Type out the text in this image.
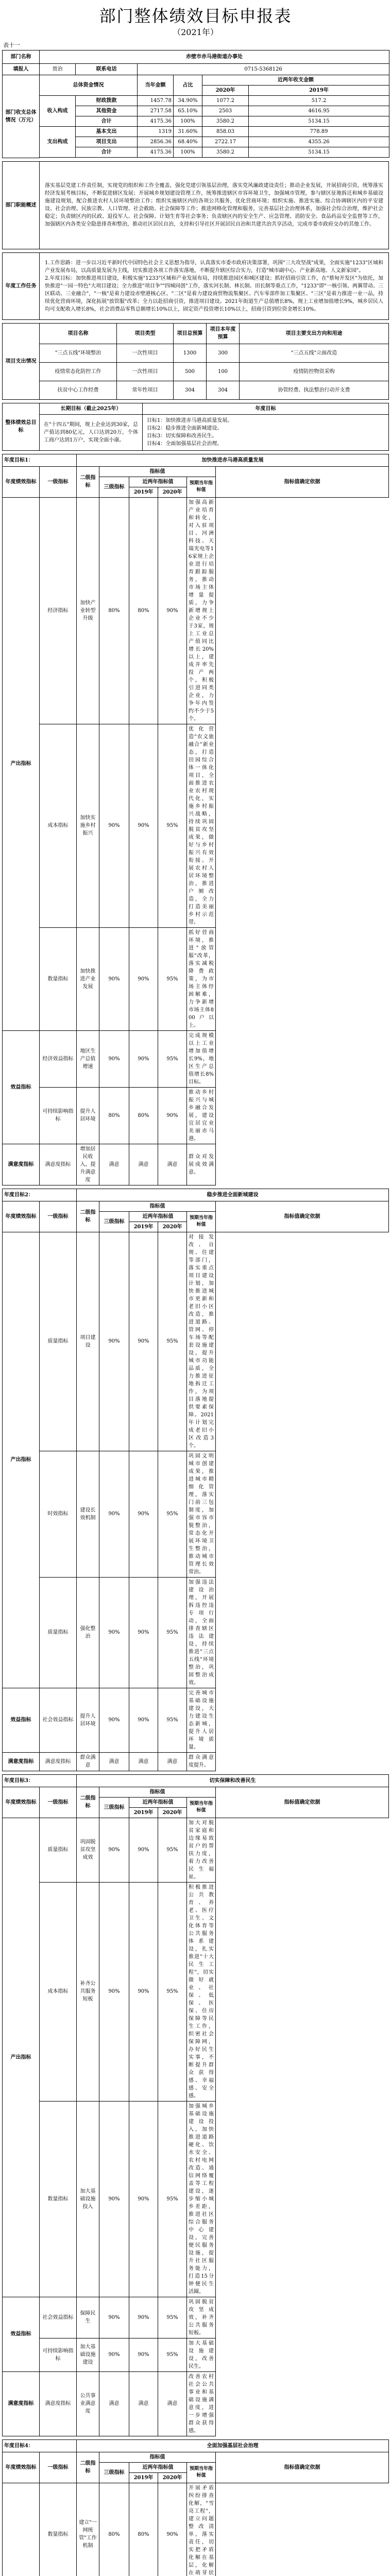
部门整体绩效目标申报表
（2021年）
表十一
部门名称	赤壁市赤马港街道办事处					
填报人	贾治	联系电话	0715-5368126			
部门收支总体情况（万元）	总体资金情况		当年金额	占比	近两年收支金额	
					2020年	2019年
	收入构成	财政拨款	1457.78	34.90%	1077.2	517.2
		其他资金	2717.58	65.10%	2503	4616.95
		合计	4175.36	100%	3580.2	5134.15
	支出构成	基本支出	1319	31.60%	858.03	778.89
		项目支出	2856.36	68.40%	2722.17	4355.26
		合计	4175.36	100%	3580.2	5134.15

部门职能概述	落实基层党建工作责任制，实现党的组织和工作全覆盖，强化党建引领基层治理，落实党风廉政建设责任；推动企业发展，开展招商引资，统筹落实经济发展考核目标，不断促进辖区发展；开展城乡规划建设管理工作，统筹推进辖区市容环境卫生，加强城市管理，参与辖区征地拆迁和城乡基础设施建设规划，配合推进农村人居环境整治工作；组织实施辖区内的各项公共服务，优化营商环境；组织实施、推进实施、综合协调辖区内的平安建设、社会治理、民族宗教、人口管理、社会救助、社会保障等工作；推进网格化管理和服务，完善基层社会治理体系，加强社会综合治理，维护社会稳定；负责辖区内的民政、退役军人、社会保障、计划生育等社会事务；负责辖区内的安全生产、应急管理、消防安全、食品药品安全监督等工作，加强辖区内各类安全隐患排查和整治，推动社区居民自治，支持和引导社区开展居民自治和共建共治共享活动，完成市委市政府交办的其他工作。
年度工作任务	
1.工作思路：进一步以习近平新时代中国特色社会主义思想为指导，认真落实市委市政府决策部署，巩围"三大攻坚战"成果，全面实施"1233"区域和产业发展布局，以高质量发展为主线，切实推进各项工作落实落地，不断提升辖区综合实力，打造"城市副中心、产业新高地、人文新家园"。
2.年度目标：加快推进项目建设，积极实施"1233"区域和产业发展布局，持续推进园区和城区建设；抓好招商引资工作，在"蔡甸开发区"为依托，加快推进"一园一特色"大项目建设；全力推进"项目争""四城同创"工作，落实河长制、林长制、田长制等重点工作，"1233"即"一核引领、两翼带动、三区联动、三业融合"，"一核"是着力建设赤壁港核心区、"二区"是着力建设商贸物流集聚区、汽车零部件加工集聚区、"三区"是着力推进一业一品，持续优化营商环境，深化拓展"放管服"改革；全力以赴招商引资，推进项目建设。2021年街道生产总值增长8%，规上工业增加值增长9%，城乡居民人均可支配收入增长8%，社会消费品零售总额增长10%以上，固定资产投资增长10%以上，招商引资到位资金增长10%。
项目支出情况	项目名称	项目类型	项目总预算	项目本年度预算	项目主要支出方向和用途
	"三点五线"环境整治	一次性项目	1300	300	"三点五线"立面改造
	疫情常态化防控工作	一次性项目	500	100	疫情防控物资采购
	扶贫中心工作经费	常年性项目	304	304	协管经费、执法整治行动开支费
整体绩效总目标	长期目标（截止2025年）	年度目标
	在"十四五"期间，规上企业达到30家，总产值达到80亿元，人口达到20万，个体工商户达到1万户，实现全面小康。	目标1：加快推进赤马港高质量发展。
目标2：稳步推进全面新城建设。
目标3：切实保障和改善民生。
目标4：全面加强基层社会治理。
年度目标1：		加快推进赤马港高质量发展					
年度绩效指标	一级指标	二级指标	指标值				指标值确定依据
			三级指标	近两年指标值		预期当年指标值	
				2019年	2020年		
产出指标	经济指标	加快产业转型升级	80%	80%	90%	加强高新产业培育和转化，对入驻项目、河洲科技、天瑞光电等16家规上企业进行培育跟踪服务，推动市场主体增量提质，力争新增规上企业不少于3家，规上工业总产值同比增长20%以上，建成并率先投产两个，积极引进同类企业，力争年内签约不少于5个。	
	成本指标	加快实施乡村振兴	90%	90%	95%	优化营造"农文旅融合"新业态，打造田园综合体一体化项目，全面推进农业农村现代化，实施乡村振兴战略，持续巩固脱贫攻坚成果，做好与乡村振兴有效衔接。开展农村人居环境整治，推进户厕改造，全力打造美丽乡村示范带。	
	数量指标	加快推进产业发展	90%	90%	95%	抓好营商环境，推进"放管服"改革，落实减税降费政策，为市场主体纾困解难，力争新增市场主体800户以上。	
效益指标	经济效益指标	地区生产总值增速	90%	90%	95%	完成规模以上工业增加值增长9%，地区生产总值增长8%目标。	
	可持续影响指标	提升人居环境	80%	80%	90%	推动乡村振兴与城乡融合发展，建设宜居宜业美丽赤马港。	
满意度指标	满意度指标	增加居民收入，提升满意度	满意	满意	满意	群众对发展成效满意。	
年度目标2：		稳步推进全面新城建设					
年度绩效指标	一级指标	二级指标	指标值				指标值确定依据
			三级指标	近两年指标值		预期当年指标值	
				2019年	2020年		
产出指标	质量指标	项目建设	90%	90%	95%	对接发改、自规、住建等部门，落实重点项目建设计划，加快推进城市更新和老旧小区改造，推进道路、管网、停车场等配套设施建设，提升城市功能品质，全力推进征地拆迁工作，为项目落地提供要素保障。2021年计划完成老旧小区改造3个。	
	时效指标	建设长效机制	90%	90%	95%	巩固文明城市创建成果，推进城市精细化管理，落实门前三包制度，加强市容市貌整治，常态化开展环境卫生整治，推动城市管理长效常治。	
	质量指标	强化整治	90%	90%	95%	加强违法建设治理，开展拆违控违专项行动，全面排查辖区违法建设，持续推进"三点五线"环境整治，巩固整治成效。	
效益指标	社会效益指标	提升人居环境	90%	90%	95%	完善城市基础设施建设，大力建设生态新城，提升人居环境质量。	
满意度指标	满意度指标	群众满意	满意	满意	满意	群众满意度提升。	
年度目标3：		切实保障和改善民生					
年度绩效指标	一级指标	二级指标	指标值				指标值确定依据
			三级指标	近两年指标值		预期当年指标值	
				2019年	2020年		
产出指标	质量指标	巩固脱贫攻坚成效	90%	90%	95%	加大对脱贫家庭和边缘易致贫户的帮扶力度，着力改善民生福祉。	
	成本指标	补齐公共服务短板	90%	90%	95%	积极推进公共教育、养老、医疗卫生、文化体育等公共服务体系建设，扎实推进"十大民生工程"，切实做好就业、社保、低保、医保、住房保障等民生工作，织密社会保障网，办好民生实事，不断提升群众获得感、幸福感、安全感。	
	数量指标	加大基础设施投入	90%	90%	95%	加强城乡基础设施建设投入，加快推进道路硬化、饮水安全、农村电网改造、通信网络覆盖等工程建设，逐步缩小城乡差距，推进社区综合服务中心建设，完善便民服务设施，提升社区服务能力，打造15分钟便民生活圈。	
效益指标	社会效益指标	保障民生	90%	90%	95%	巩固脱贫攻坚成效，补齐公共服务短板。	
	可持续影响指标	加大基础设施建设	90%	90%	95%	加大基础设施建设，改善民生。	
满意度指标	满意度指标	公共事业满意度	满意	满意	满意	改善农村社会公共事业和基础设施满意度，进一步增强群众获得感。	
年度目标4：		全面加强基层社会治理					
年度绩效指标	一级指标	二级指标	指标值				指标值确定依据
			三级指标	近两年指标值		预期当年指标值	
				2019年	2020年		
	数量指标	建立"一网统管"工作机制	80%	80%	90%	开展矛盾纠纷排查化解，"雪亮工程"，建立问题整改清单，落实责任，切实把矛盾化解在基层，化解在萌芽状	
